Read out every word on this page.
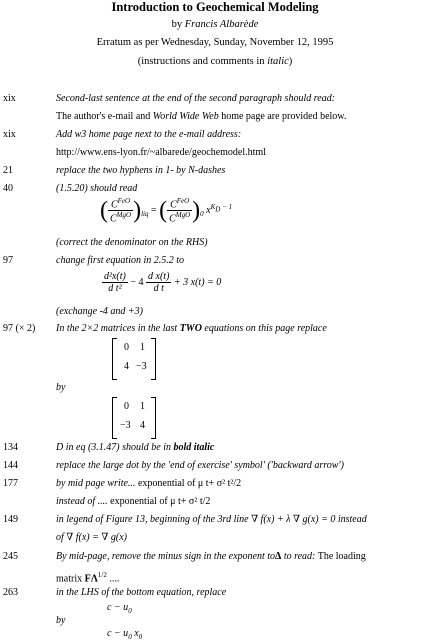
Introduction to Geochemical Modeling
by Francis Albarède
Erratum as per Wednesday, Sunday, November 12, 1995
(instructions and comments in italic)
xix	Second-last sentence at the end of the second paragraph should read:
The author's e-mail and World Wide Web home page are provided below.
xix	Add w3 home page next to the e-mail address:
http://www.ens-lyon.fr/~albarede/geochemodel.html
21	replace the two hyphens in 1- by N-dashes
40	(1.5.20) should read
( $\frac{C^{FeO}}{C^{MgO}} )_{liq}$ = ( $\frac{C^{FeO}}{C^{MgO}} )_0$ $x^{K_D - 1}$
(correct the denominator on the RHS)
97	change first equation in 2.5.2 to
$\frac{\text{d²x(t)}}{\text{d t²}} - 4 \frac{\text{d x(t)}}{\text{d t}} + 3$ x(t) = 0
(exchange -4 and +3)
97 (× 2) In the 2×2 matrices in the last TWO equations on this page replace
0 1
4 −3
by
0 1
−3 4
134	D in eq (3.1.47) should be in bold italic
144	replace the large dot by the 'end of exercise' symbol' ('backward arrow')
177	by mid page write... exponential of μ t+ σ² t²/2
instead of .... exponential of μ t+ σ² t/2
149	in legend of Figure 13, beginning of the 3rd line ∇ f(x) + λ ∇ g(x) = 0 instead
of ∇ f(x) = ∇ g(x)
245	By mid-page, remove the minus sign in the exponent toΔ to read: The loading
matrix $F\Lambda^{1/2}$ ....
263	in the LHS of the bottom equation, replace
$c - u_0$
by
$c - u_0$ $x_0$
